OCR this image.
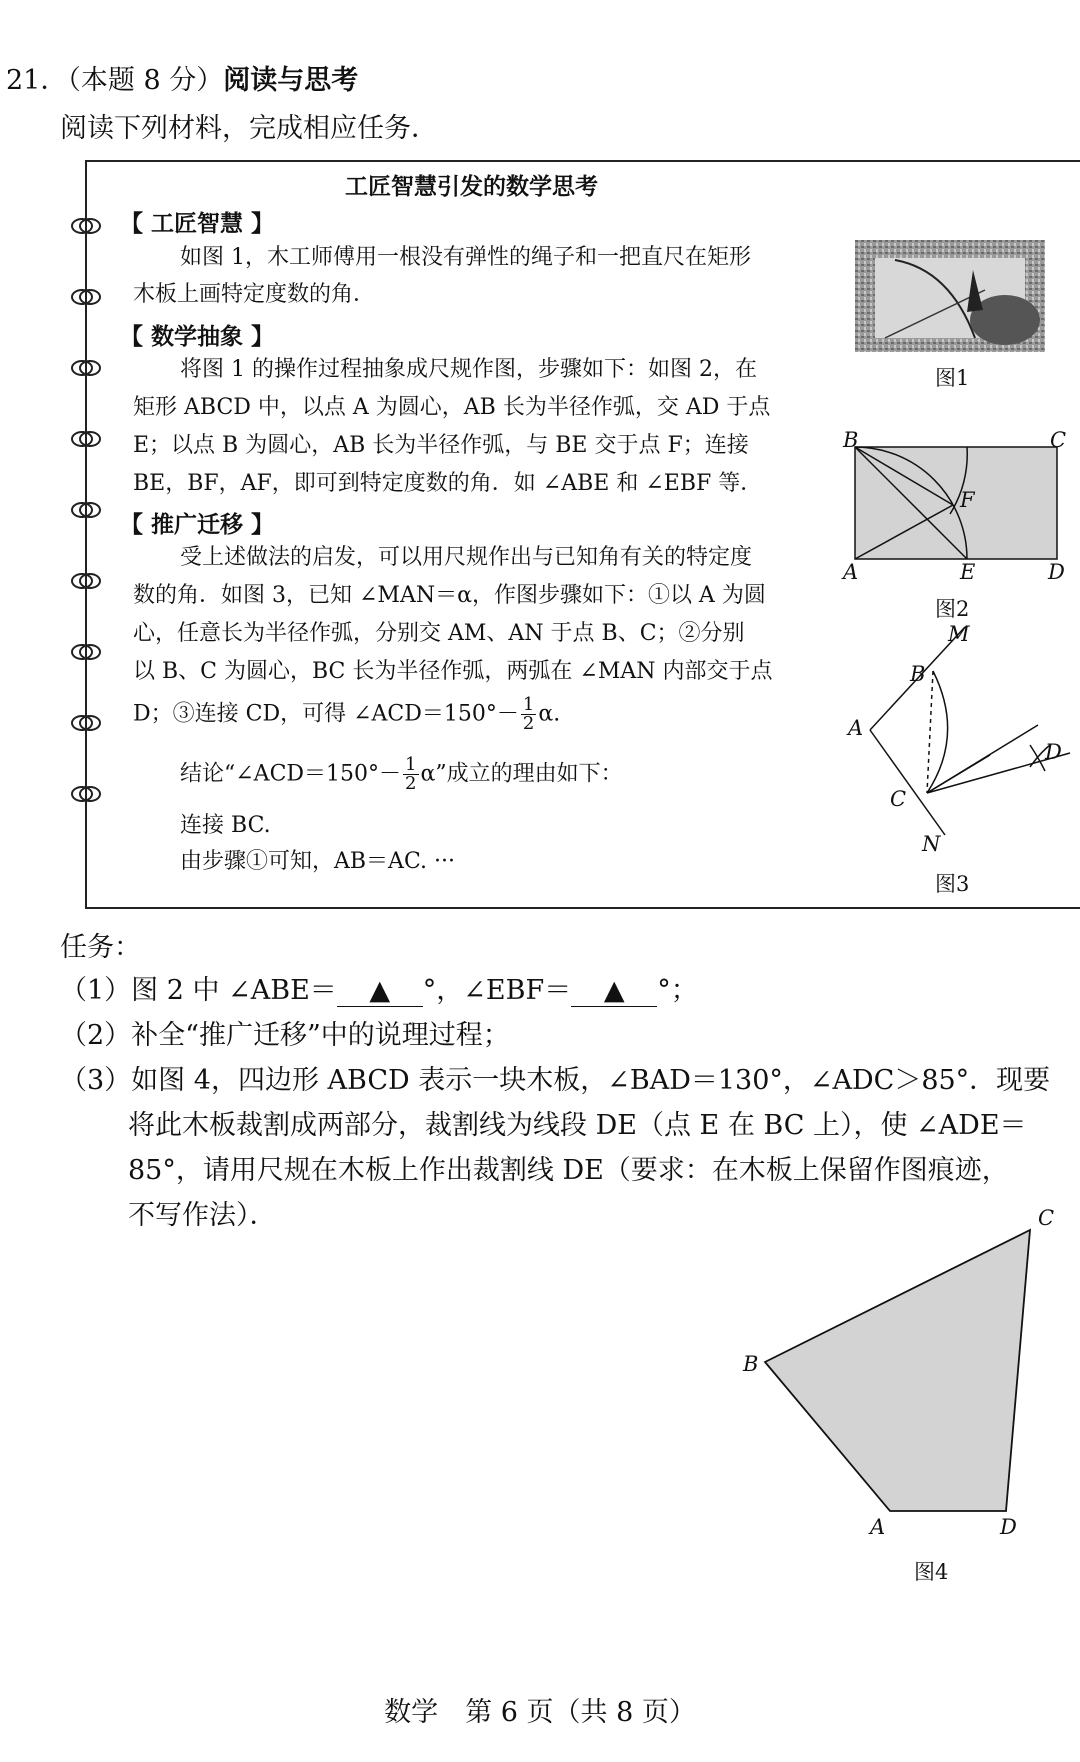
21．（本题 8 分）阅读与思考
阅读下列材料，完成相应任务．
工匠智慧引发的数学思考
【 工匠智慧 】
如图 1，木工师傅用一根没有弹性的绳子和一把直尺在矩形
木板上画特定度数的角．
【 数学抽象 】
将图 1 的操作过程抽象成尺规作图，步骤如下：如图 2，在
矩形 ABCD 中，以点 A 为圆心，AB 长为半径作弧，交 AD 于点
E；以点 B 为圆心，AB 长为半径作弧，与 BE 交于点 F；连接
BE，BF，AF，即可到特定度数的角．如 ∠ABE 和 ∠EBF 等．
【 推广迁移 】
受上述做法的启发，可以用尺规作出与已知角有关的特定度
数的角．如图 3，已知 ∠MAN＝α，作图步骤如下：①以 A 为圆
心，任意长为半径作弧，分别交 AM、AN 于点 B、C；②分别
以 B、C 为圆心，BC 长为半径作弧，两弧在 ∠MAN 内部交于点
D；③连接 CD，可得 ∠ACD＝150°－ $\frac{1}{2} \alpha$.
结论“∠ACD＝150°－ $\frac{1}{2} \alpha$”成立的理由如下：
连接 BC.
由步骤①可知，AB＝AC. ···
图1
B	C
A	E	D
F
图2
M
B
A
C
D
N
图3
任务：
（1）图 2 中 ∠ABE＝ ▲ °，∠EBF＝ ▲ °；
（2）补全“推广迁移”中的说理过程；
（3）如图 4，四边形 ABCD 表示一块木板，∠BAD＝130°，∠ADC＞85°．现要
将此木板裁割成两部分，裁割线为线段 DE（点 E 在 BC 上），使 ∠ADE＝
85°，请用尺规在木板上作出裁割线 DE（要求：在木板上保留作图痕迹，
不写作法）．
B
C
A	D
图4
数学　第 6 页（共 8 页）
